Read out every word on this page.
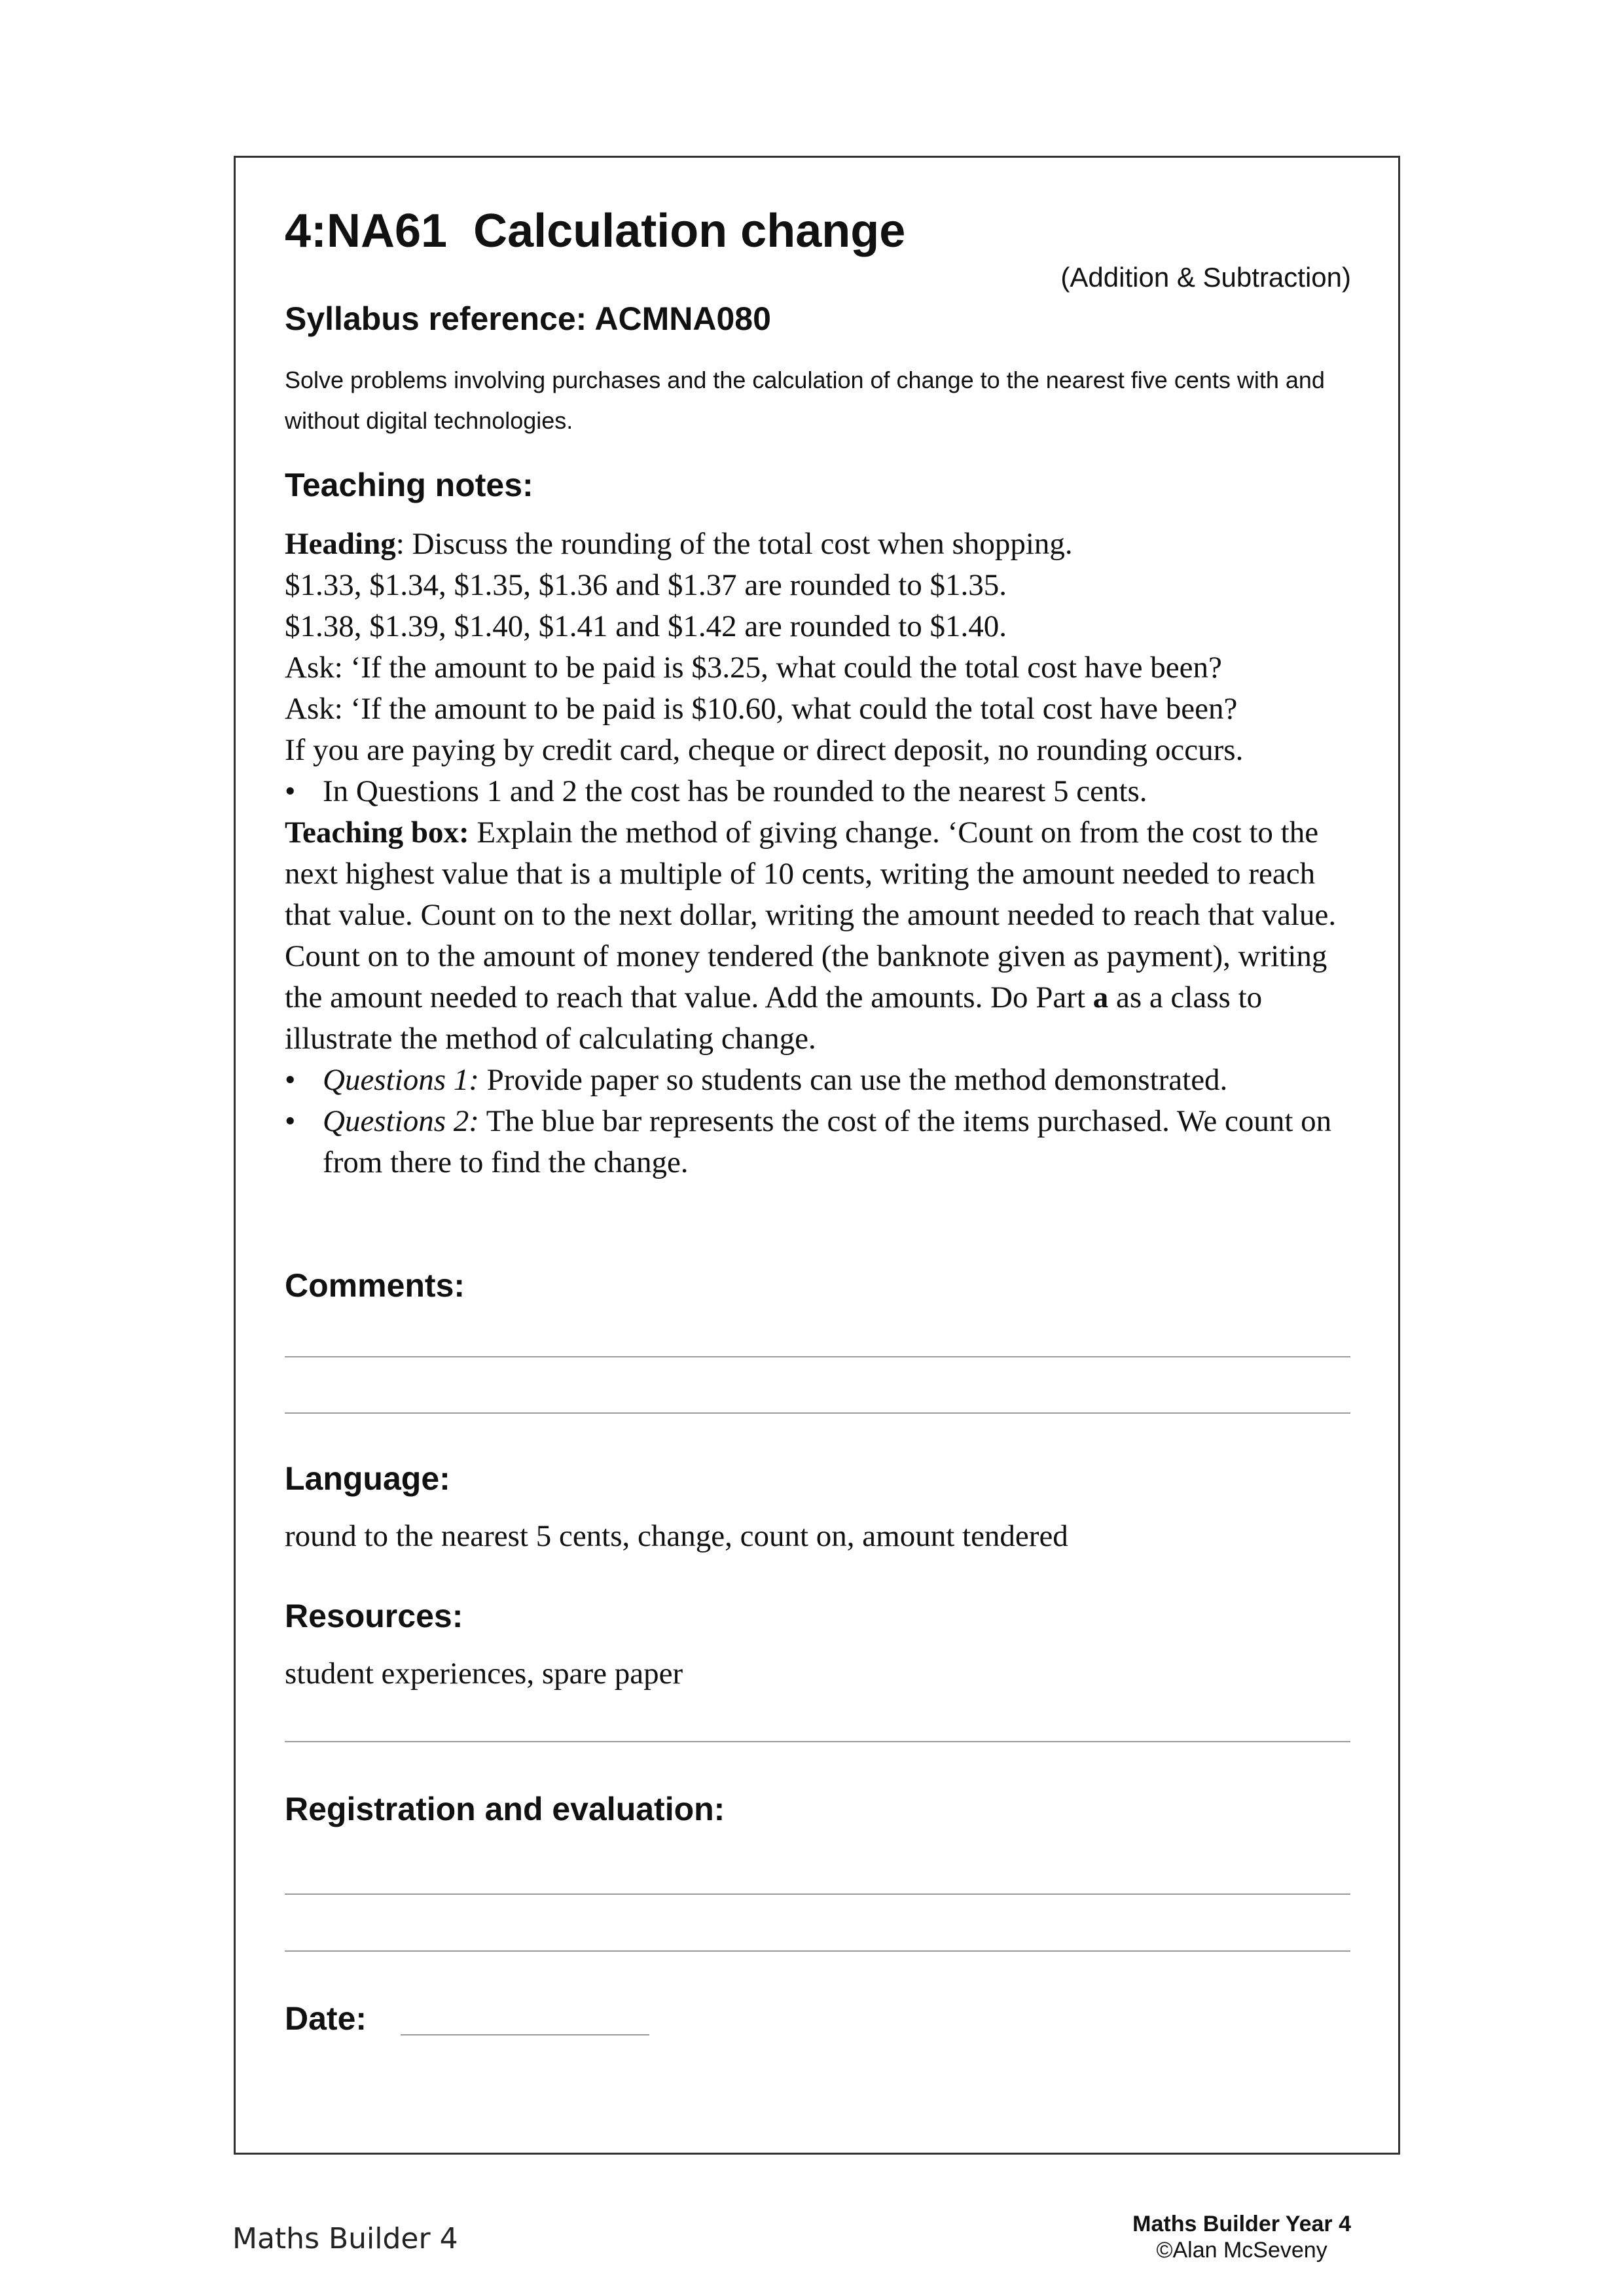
4:NA61 Calculation change
(Addition & Subtraction)
Syllabus reference: ACMNA080
Solve problems involving purchases and the calculation of change to the nearest five cents with and without digital technologies.
Teaching notes:

Heading: Discuss the rounding of the total cost when shopping.

$1.33, $1.34, $1.35, $1.36 and $1.37 are rounded to $1.35.

$1.38, $1.39, $1.40, $1.41 and $1.42 are rounded to $1.40.

Ask: ‘If the amount to be paid is $3.25, what could the total cost have been?

Ask: ‘If the amount to be paid is $10.60, what could the total cost have been?

If you are paying by credit card, cheque or direct deposit, no rounding occurs.

• In Questions 1 and 2 the cost has be rounded to the nearest 5 cents.

Teaching box: Explain the method of giving change. ‘Count on from the cost to the next highest value that is a multiple of 10 cents, writing the amount needed to reach that value. Count on to the next dollar, writing the amount needed to reach that value. Count on to the amount of money tendered (the banknote given as payment), writing the amount needed to reach that value. Add the amounts. Do Part a as a class to illustrate the method of calculating change.

• Questions 1: Provide paper so students can use the method demonstrated.

• Questions 2: The blue bar represents the cost of the items purchased. We count on from there to find the change.

Comments:
Language:
round to the nearest 5 cents, change, count on, amount tendered
Resources:
student experiences, spare paper
Registration and evaluation:
Date:
Maths Builder 4	Maths Builder Year 4
©Alan McSeveny
